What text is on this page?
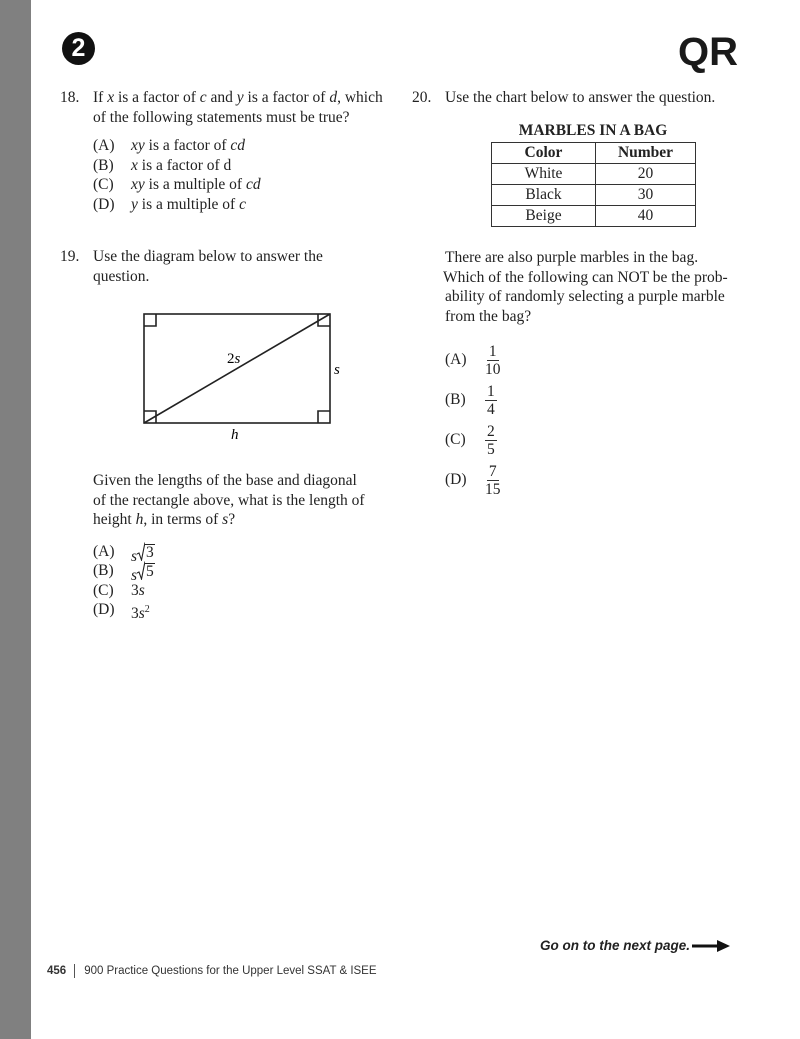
2	QR
18. If x is a factor of c and y is a factor of d, which
of the following statements must be true?
(A)	xy is a factor of cd
(B)	x is a factor of d
(C)	xy is a multiple of cd
(D)	y is a multiple of c
19. Use the diagram below to answer the
question.
2s
s
h
Given the lengths of the base and diagonal
of the rectangle above, what is the length of
height h, in terms of s?
(A)	s 3
(B)	s 5
(C)	3s
(D)	$3s^2$
20. Use the chart below to answer the question.
MARBLES IN A BAG
Color	Number
White	20
Black	30
Beige	40
There are also purple marbles in the bag.
Which of the following can NOT be the prob-
ability of randomly selecting a purple marble
from the bag?
(A)	$\frac{1}{10}$
(B)	$\frac{1}{4}$
(C)	$\frac{2}{5}$
(D)	$\frac{7}{15}$
Go on to the next page.
456 900 Practice Questions for the Upper Level SSAT & ISEE
